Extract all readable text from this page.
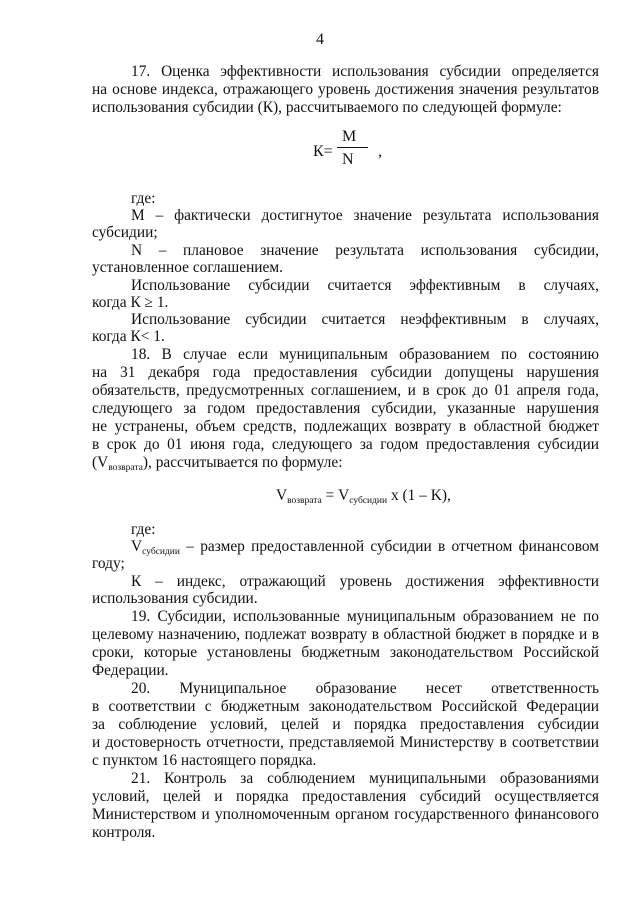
4
17. Оценка эффективности использования субсидии определяется
на основе индекса, отражающего уровень достижения значения результатов
использования субсидии (К), рассчитываемого по следующей формуле:
К=
М
N ,
где:
М – фактически достигнутое значение результата использования
субсидии;
N – плановое значение результата использования субсидии,
установленное соглашением.
Использование субсидии считается эффективным в случаях,
когда К ≥ 1.
Использование субсидии считается неэффективным в случаях,
когда К< 1.
18. В случае если муниципальным образованием по состоянию
на 31 декабря года предоставления субсидии допущены нарушения
обязательств, предусмотренных соглашением, и в срок до 01 апреля года,
следующего за годом предоставления субсидии, указанные нарушения
не устранены, объем средств, подлежащих возврату в областной бюджет
в срок до 01 июня года, следующего за годом предоставления субсидии
$(V_{возврата})$, рассчитывается по формуле:
$V_{возврата} = V_{субсидии}$ x (1 – K),
где:
$V_{субсидии}$ – размер предоставленной субсидии в отчетном финансовом
году;
К – индекс, отражающий уровень достижения эффективности
использования субсидии.
19. Субсидии, использованные муниципальным образованием не по
целевому назначению, подлежат возврату в областной бюджет в порядке и в
сроки, которые установлены бюджетным законодательством Российской
Федерации.
20. Муниципальное образование несет ответственность
в соответствии с бюджетным законодательством Российской Федерации
за соблюдение условий, целей и порядка предоставления субсидии
и достоверность отчетности, представляемой Министерству в соответствии
с пунктом 16 настоящего порядка.
21. Контроль за соблюдением муниципальными образованиями
условий, целей и порядка предоставления субсидий осуществляется
Министерством и уполномоченным органом государственного финансового
контроля.
